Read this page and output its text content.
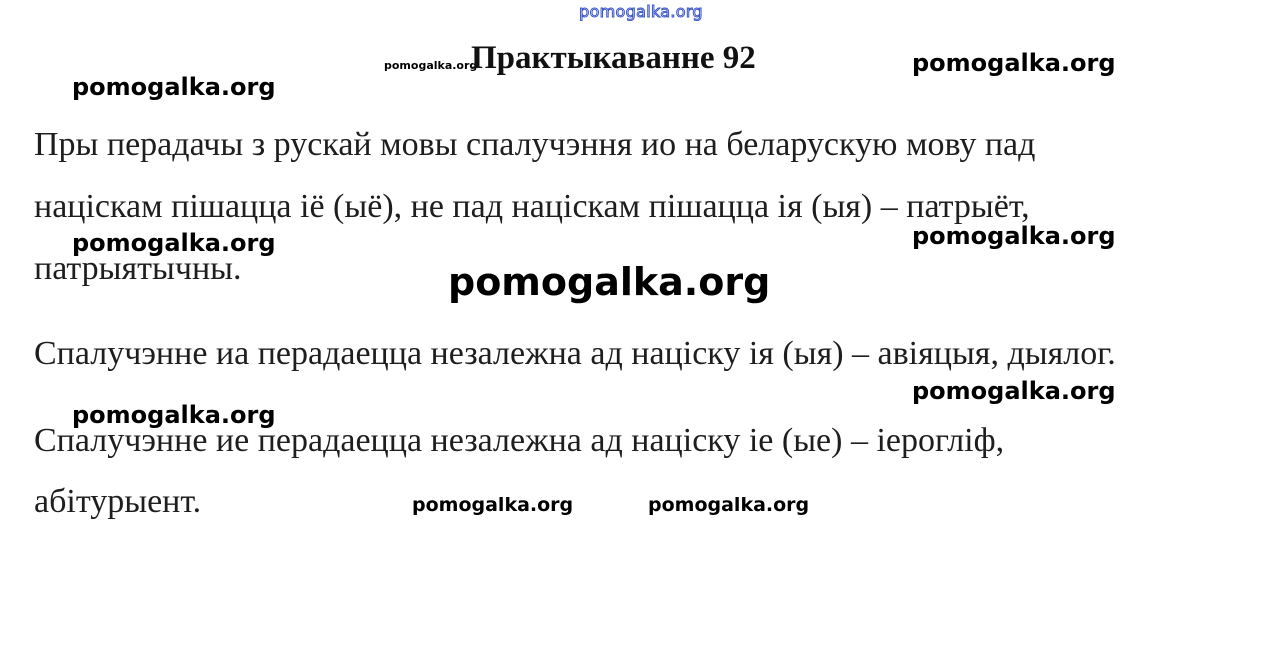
pomogalka.org
pomogalka.org
Практыкаванне 92
pomogalka.org
pomogalka.org
Пры перадачы з рускай мовы спалучэння ио на беларускую мову пад
націскам пішацца іё (ыё), не пад націскам пішацца ія (ыя) – патрыёт,
pomogalka.org	pomogalka.org
патрыятычны.	pomogalka.org
Спалучэнне иа перадаецца незалежна ад націску ія (ыя) – авіяцыя, дыялог.
pomogalka.org
pomogalka.org
Спалучэнне ие перадаецца незалежна ад націску іе (ые) – іерогліф,
абітурыент.	pomogalka.org	pomogalka.org
